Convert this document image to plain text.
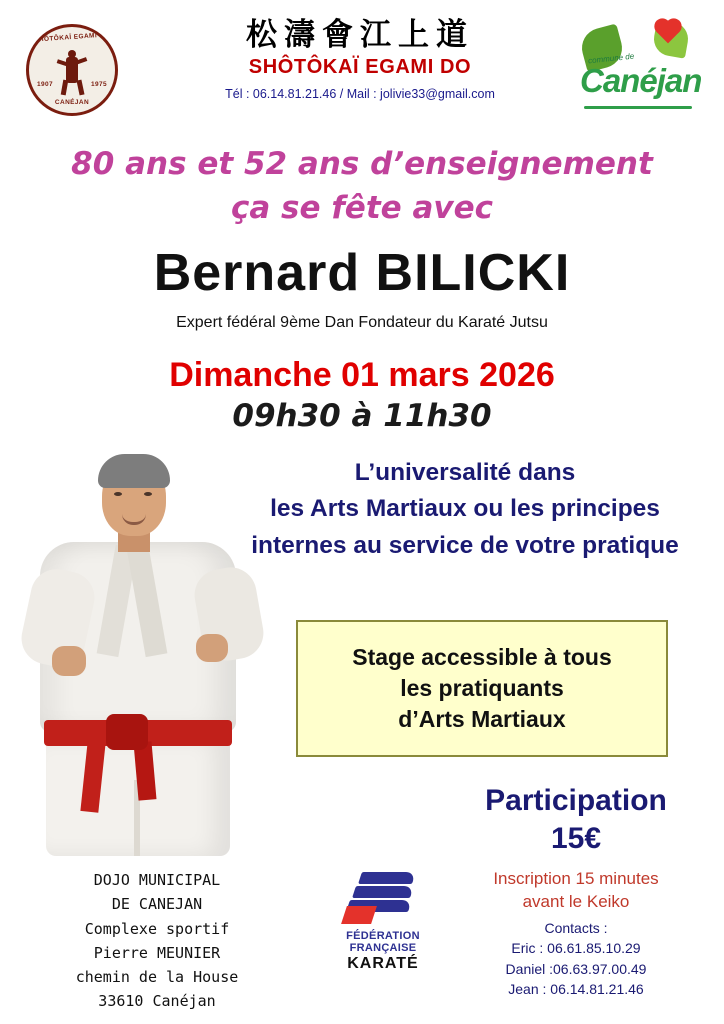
SHÔTÔKAÏ EGAMI DO
1907	1975
CANÉJAN
松濤會江上道
SHÔTÔKAÏ EGAMI DO
Tél : 06.14.81.21.46 / Mail : jolivie33@gmail.com
commune de
Canéjan
80 ans et 52 ans d’enseignement
ça se fête avec
Bernard BILICKI
Expert fédéral 9ème Dan Fondateur du Karaté Jutsu
Dimanche 01 mars 2026
09h30 à 11h30
L’universalité dans
les Arts Martiaux ou les principes
internes au service de votre pratique
Stage accessible à tous
les pratiquants
d’Arts Martiaux
Participation
15€
Inscription 15 minutes
avant le Keiko
Contacts :
Eric : 06.61.85.10.29
Daniel :06.63.97.00.49
Jean : 06.14.81.21.46
DOJO MUNICIPAL
DE CANEJAN
Complexe sportif
Pierre MEUNIER
chemin de la House
33610 Canéjan
FÉDÉRATION
FRANÇAISE
KARATÉ
